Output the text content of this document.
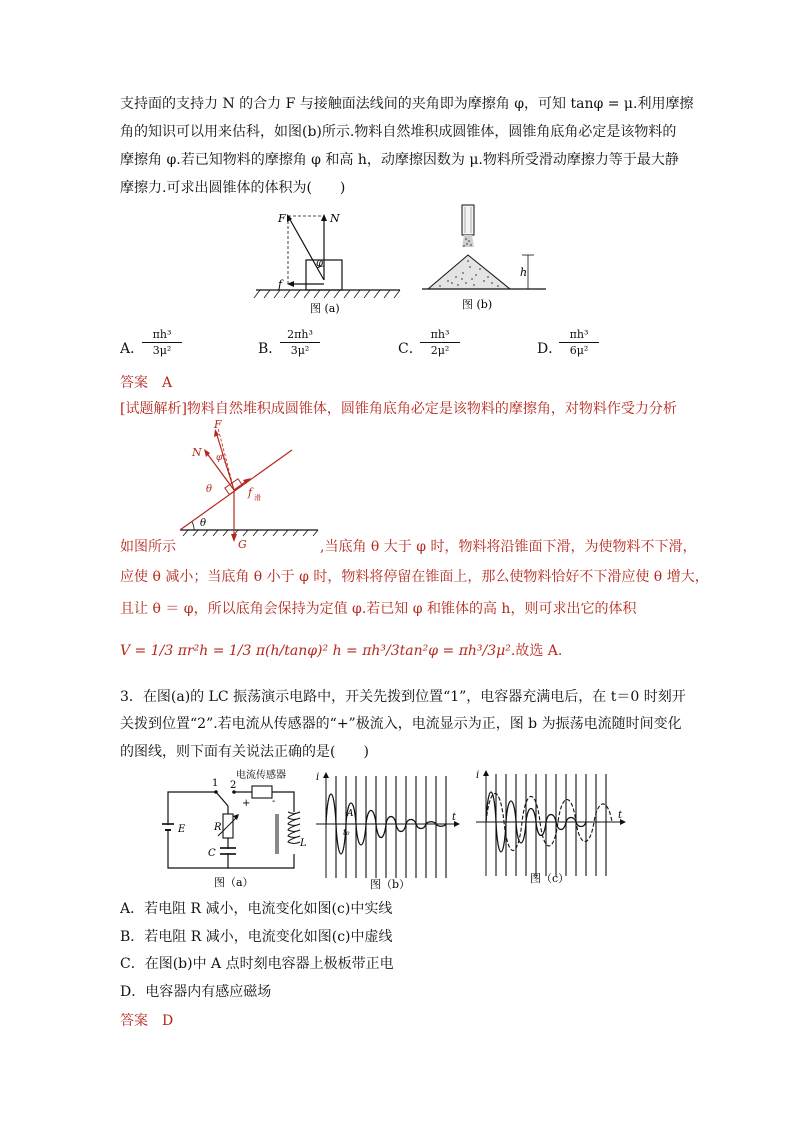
支持面的支持力 N 的合力 F 与接触面法线间的夹角即为摩擦角 φ，可知 tanφ = μ.利用摩擦
角的知识可以用来估科，如图(b)所示.物料自然堆积成圆锥体，圆锥角底角必定是该物料的
摩擦角 φ.若已知物料的摩擦角 φ 和高 h，动摩擦因数为 μ.物料所受滑动摩擦力等于最大静
摩擦力.可求出圆锥体的体积为(　　)
F	N
f
φ
图 (a)
h
图 (b)
A．
$\frac{\text{πh³}}{\text{3μ²}}$	B．
$\frac{\text{2πh³}}{\text{3μ²}}$	C．
$\frac{\text{πh³}}{\text{2μ²}}$	D．
$\frac{\text{πh³}}{\text{6μ²}}$
答案　A
[试题解析]物料自然堆积成圆锥体，圆锥角底角必定是该物料的摩擦角，对物料作受力分析
θ
F
N φ
θ	f 滑
G
如图所示	,当底角 θ 大于 φ 时，物料将沿锥面下滑，为使物料不下滑，
应使 θ 减小；当底角 θ 小于 φ 时，物料将停留在锥面上，那么使物料恰好不下滑应使 θ 增大，
且让 θ ＝ φ，所以底角会保持为定值 φ.若已知 φ 和锥体的高 h，则可求出它的体积
V = 1/3 πr²h = 1/3 π(h/tanφ)² h = πh³/3tan²φ = πh³/3μ².故选 A.
3．在图(a)的 LC 振荡演示电路中，开关先拨到位置“1”，电容器充满电后，在 t＝0 时刻开
关拨到位置“2”.若电流从传感器的“+”极流入，电流显示为正，图 b 为振荡电流随时间变化
的图线，则下面有关说法正确的是(　　)
电流传感器
1 2
+ -
E	R
C
L
图（a）
i
t
A
t₀
图（b）
i
t
图（c）
A．若电阻 R 减小，电流变化如图(c)中实线
B．若电阻 R 减小，电流变化如图(c)中虚线
C．在图(b)中 A 点时刻电容器上极板带正电
D．电容器内有感应磁场
答案　D
